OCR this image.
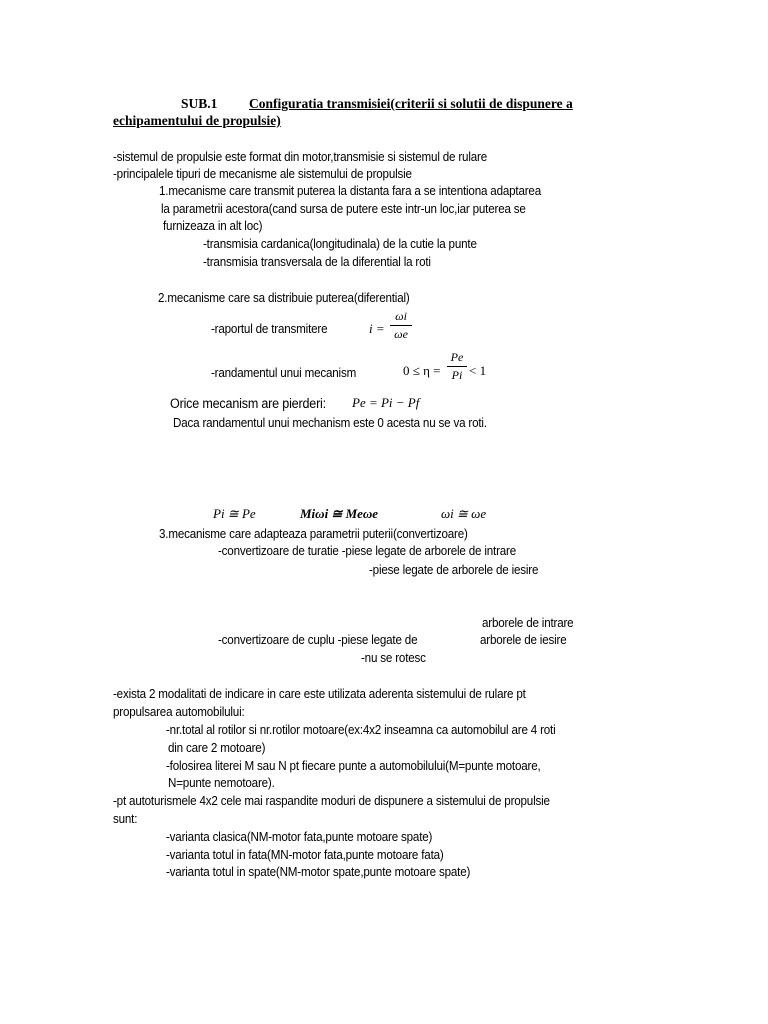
SUB.1 Configuratia transmisiei(criterii si solutii de dispunere a
echipamentului de propulsie)
-sistemul de propulsie este format din motor,transmisie si sistemul de rulare
-principalele tipuri de mecanisme ale sistemului de propulsie
1.mecanisme care transmit puterea la distanta fara a se intentiona adaptarea
la parametrii acestora(cand sursa de putere este intr-un loc,iar puterea se
furnizeaza in alt loc)
-transmisia cardanica(longitudinala) de la cutie la punte
-transmisia transversala de la diferential la roti
2.mecanisme care sa distribuie puterea(diferential)
-raportul de transmitere	i =
ωi
ωe
-randamentul unui mecanism	0 ≤ η =
Pe
Pi < 1
Orice mecanism are pierderi: Pe = Pi − Pf
Daca randamentul unui mechanism este 0 acesta nu se va roti.
Pi ≅ Pe	Miωi ≅ Meωe	ωi ≅ ωe
3.mecanisme care adapteaza parametrii puterii(convertizoare)
-convertizoare de turatie -piese legate de arborele de intrare
-piese legate de arborele de iesire
arborele de intrare
-convertizoare de cuplu -piese legate de	arborele de iesire
-nu se rotesc
-exista 2 modalitati de indicare in care este utilizata aderenta sistemului de rulare pt
propulsarea automobilului:
-nr.total al rotilor si nr.rotilor motoare(ex:4x2 inseamna ca automobilul are 4 roti
din care 2 motoare)
-folosirea literei M sau N pt fiecare punte a automobilului(M=punte motoare,
N=punte nemotoare).
-pt autoturismele 4x2 cele mai raspandite moduri de dispunere a sistemului de propulsie
sunt:
-varianta clasica(NM-motor fata,punte motoare spate)
-varianta totul in fata(MN-motor fata,punte motoare fata)
-varianta totul in spate(NM-motor spate,punte motoare spate)
